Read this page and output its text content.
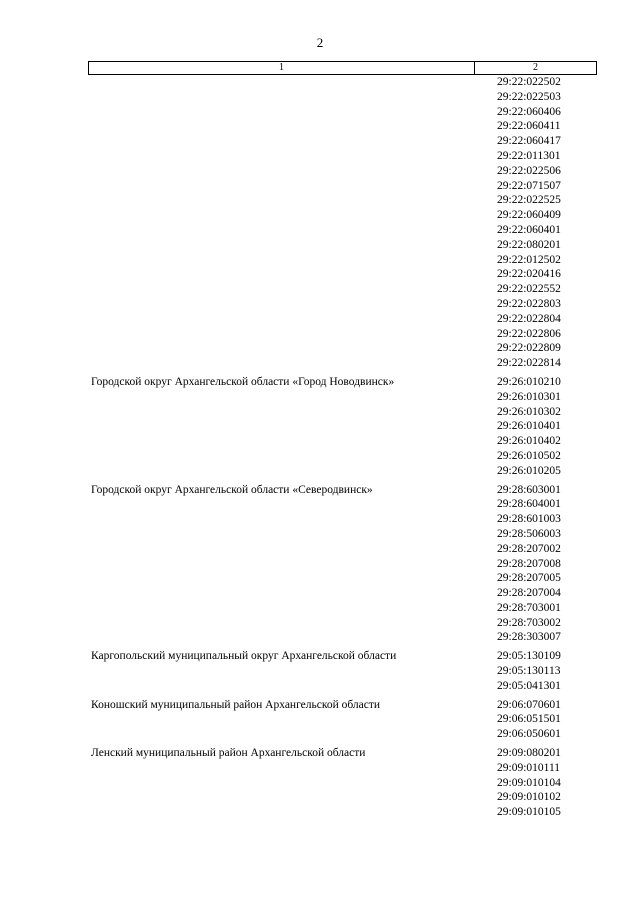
2
1	2
29:22:022502
29:22:022503
29:22:060406
29:22:060411
29:22:060417
29:22:011301
29:22:022506
29:22:071507
29:22:022525
29:22:060409
29:22:060401
29:22:080201
29:22:012502
29:22:020416
29:22:022552
29:22:022803
29:22:022804
29:22:022806
29:22:022809
29:22:022814
Городской округ Архангельской области «Город Новодвинск»	29:26:010210
29:26:010301
29:26:010302
29:26:010401
29:26:010402
29:26:010502
29:26:010205
Городской округ Архангельской области «Северодвинск»	29:28:603001
29:28:604001
29:28:601003
29:28:506003
29:28:207002
29:28:207008
29:28:207005
29:28:207004
29:28:703001
29:28:703002
29:28:303007
Каргопольский муниципальный округ Архангельской области	29:05:130109
29:05:130113
29:05:041301
Коношский муниципальный район Архангельской области	29:06:070601
29:06:051501
29:06:050601
Ленский муниципальный район Архангельской области	29:09:080201
29:09:010111
29:09:010104
29:09:010102
29:09:010105
